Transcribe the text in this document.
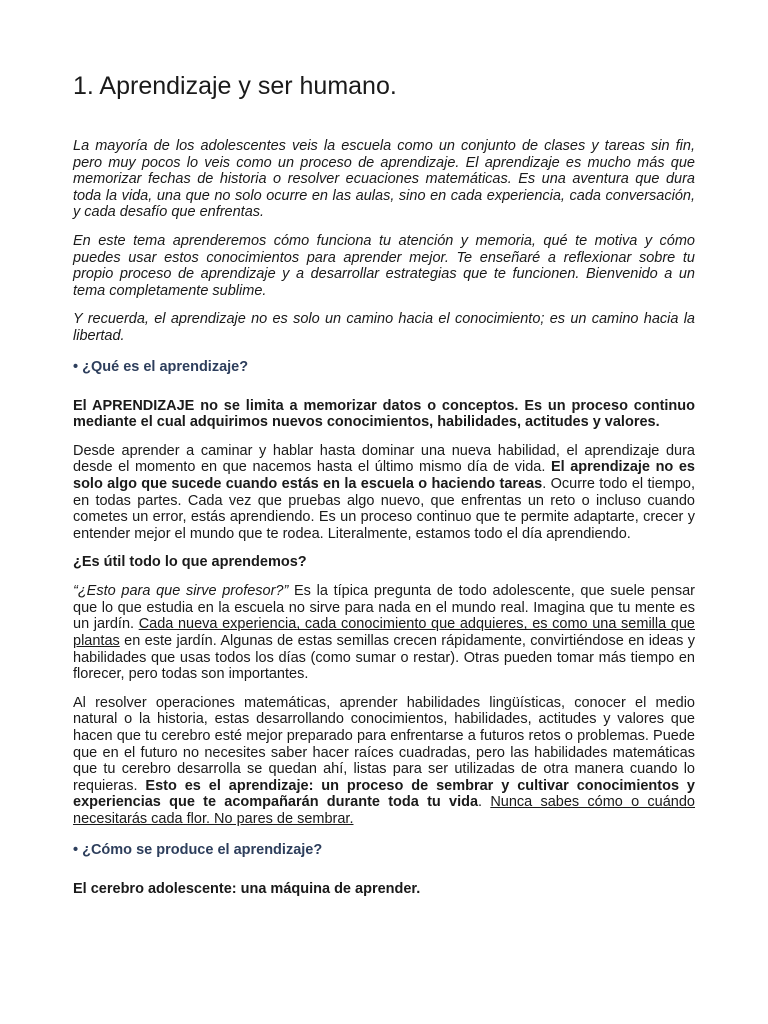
1. Aprendizaje y ser humano.

La mayoría de los adolescentes veis la escuela como un conjunto de clases y tareas sin fin, pero muy pocos lo veis como un proceso de aprendizaje. El aprendizaje es mucho más que memorizar fechas de historia o resolver ecuaciones matemáticas. Es una aventura que dura toda la vida, una que no solo ocurre en las aulas, sino en cada experiencia, cada conversación, y cada desafío que enfrentas.

En este tema aprenderemos cómo funciona tu atención y memoria, qué te motiva y cómo puedes usar estos conocimientos para aprender mejor. Te enseñaré a reflexionar sobre tu propio proceso de aprendizaje y a desarrollar estrategias que te funcionen. Bienvenido a un tema completamente sublime.

Y recuerda, el aprendizaje no es solo un camino hacia el conocimiento; es un camino hacia la libertad.

• ¿Qué es el aprendizaje?

El APRENDIZAJE no se limita a memorizar datos o conceptos. Es un proceso continuo mediante el cual adquirimos nuevos conocimientos, habilidades, actitudes y valores.

Desde aprender a caminar y hablar hasta dominar una nueva habilidad, el aprendizaje dura desde el momento en que nacemos hasta el último mismo día de vida. El aprendizaje no es solo algo que sucede cuando estás en la escuela o haciendo tareas. Ocurre todo el tiempo, en todas partes. Cada vez que pruebas algo nuevo, que enfrentas un reto o incluso cuando cometes un error, estás aprendiendo. Es un proceso continuo que te permite adaptarte, crecer y entender mejor el mundo que te rodea. Literalmente, estamos todo el día aprendiendo.

¿Es útil todo lo que aprendemos?

“¿Esto para que sirve profesor?” Es la típica pregunta de todo adolescente, que suele pensar que lo que estudia en la escuela no sirve para nada en el mundo real. Imagina que tu mente es un jardín. Cada nueva experiencia, cada conocimiento que adquieres, es como una semilla que plantas en este jardín. Algunas de estas semillas crecen rápidamente, convirtiéndose en ideas y habilidades que usas todos los días (como sumar o restar). Otras pueden tomar más tiempo en florecer, pero todas son importantes.

Al resolver operaciones matemáticas, aprender habilidades lingüísticas, conocer el medio natural o la historia, estas desarrollando conocimientos, habilidades, actitudes y valores que hacen que tu cerebro esté mejor preparado para enfrentarse a futuros retos o problemas. Puede que en el futuro no necesites saber hacer raíces cuadradas, pero las habilidades matemáticas que tu cerebro desarrolla se quedan ahí, listas para ser utilizadas de otra manera cuando lo requieras. Esto es el aprendizaje: un proceso de sembrar y cultivar conocimientos y experiencias que te acompañarán durante toda tu vida. Nunca sabes cómo o cuándo necesitarás cada flor. No pares de sembrar.

• ¿Cómo se produce el aprendizaje?
El cerebro adolescente: una máquina de aprender.
